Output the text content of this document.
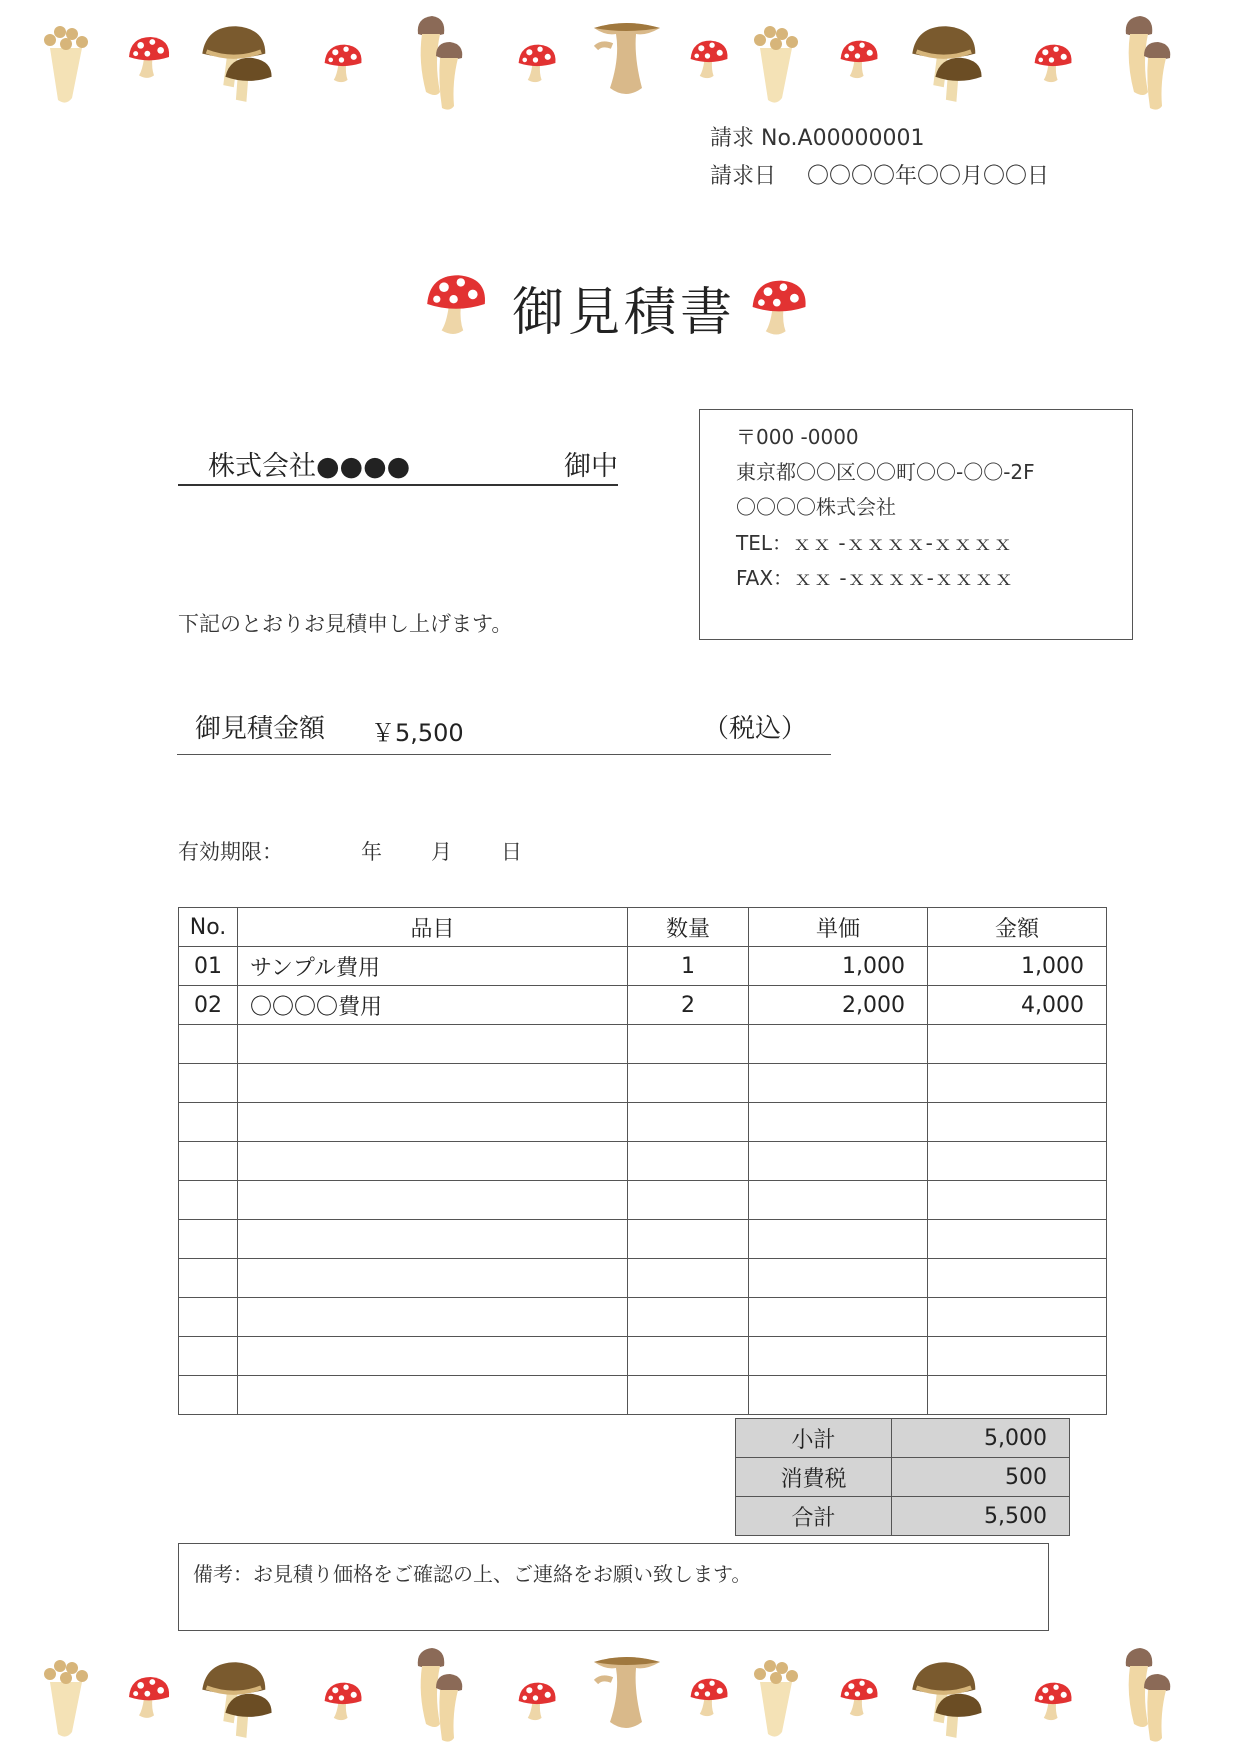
請求 No.A00000001
請求日 〇〇〇〇年〇〇月〇〇日
御見積書
株式会社●●●●	御中
〒000 -0000
東京都〇〇区〇〇町〇〇-〇〇-2F
〇〇〇〇株式会社
TEL：ｘｘ -ｘｘｘｘ-ｘｘｘｘ
FAX：ｘｘ -ｘｘｘｘ-ｘｘｘｘ
下記のとおりお見積申し上げます。
御見積金額 ￥5,500	（税込）
有効期限：	年 月 日
No.	品目	数量	単価	金額
01	サンプル費用	1	1,000	1,000
02	〇〇〇〇費用	2	2,000	4,000

小計	5,000
消費税	500
合計	5,500
備考：お見積り価格をご確認の上、ご連絡をお願い致します。
